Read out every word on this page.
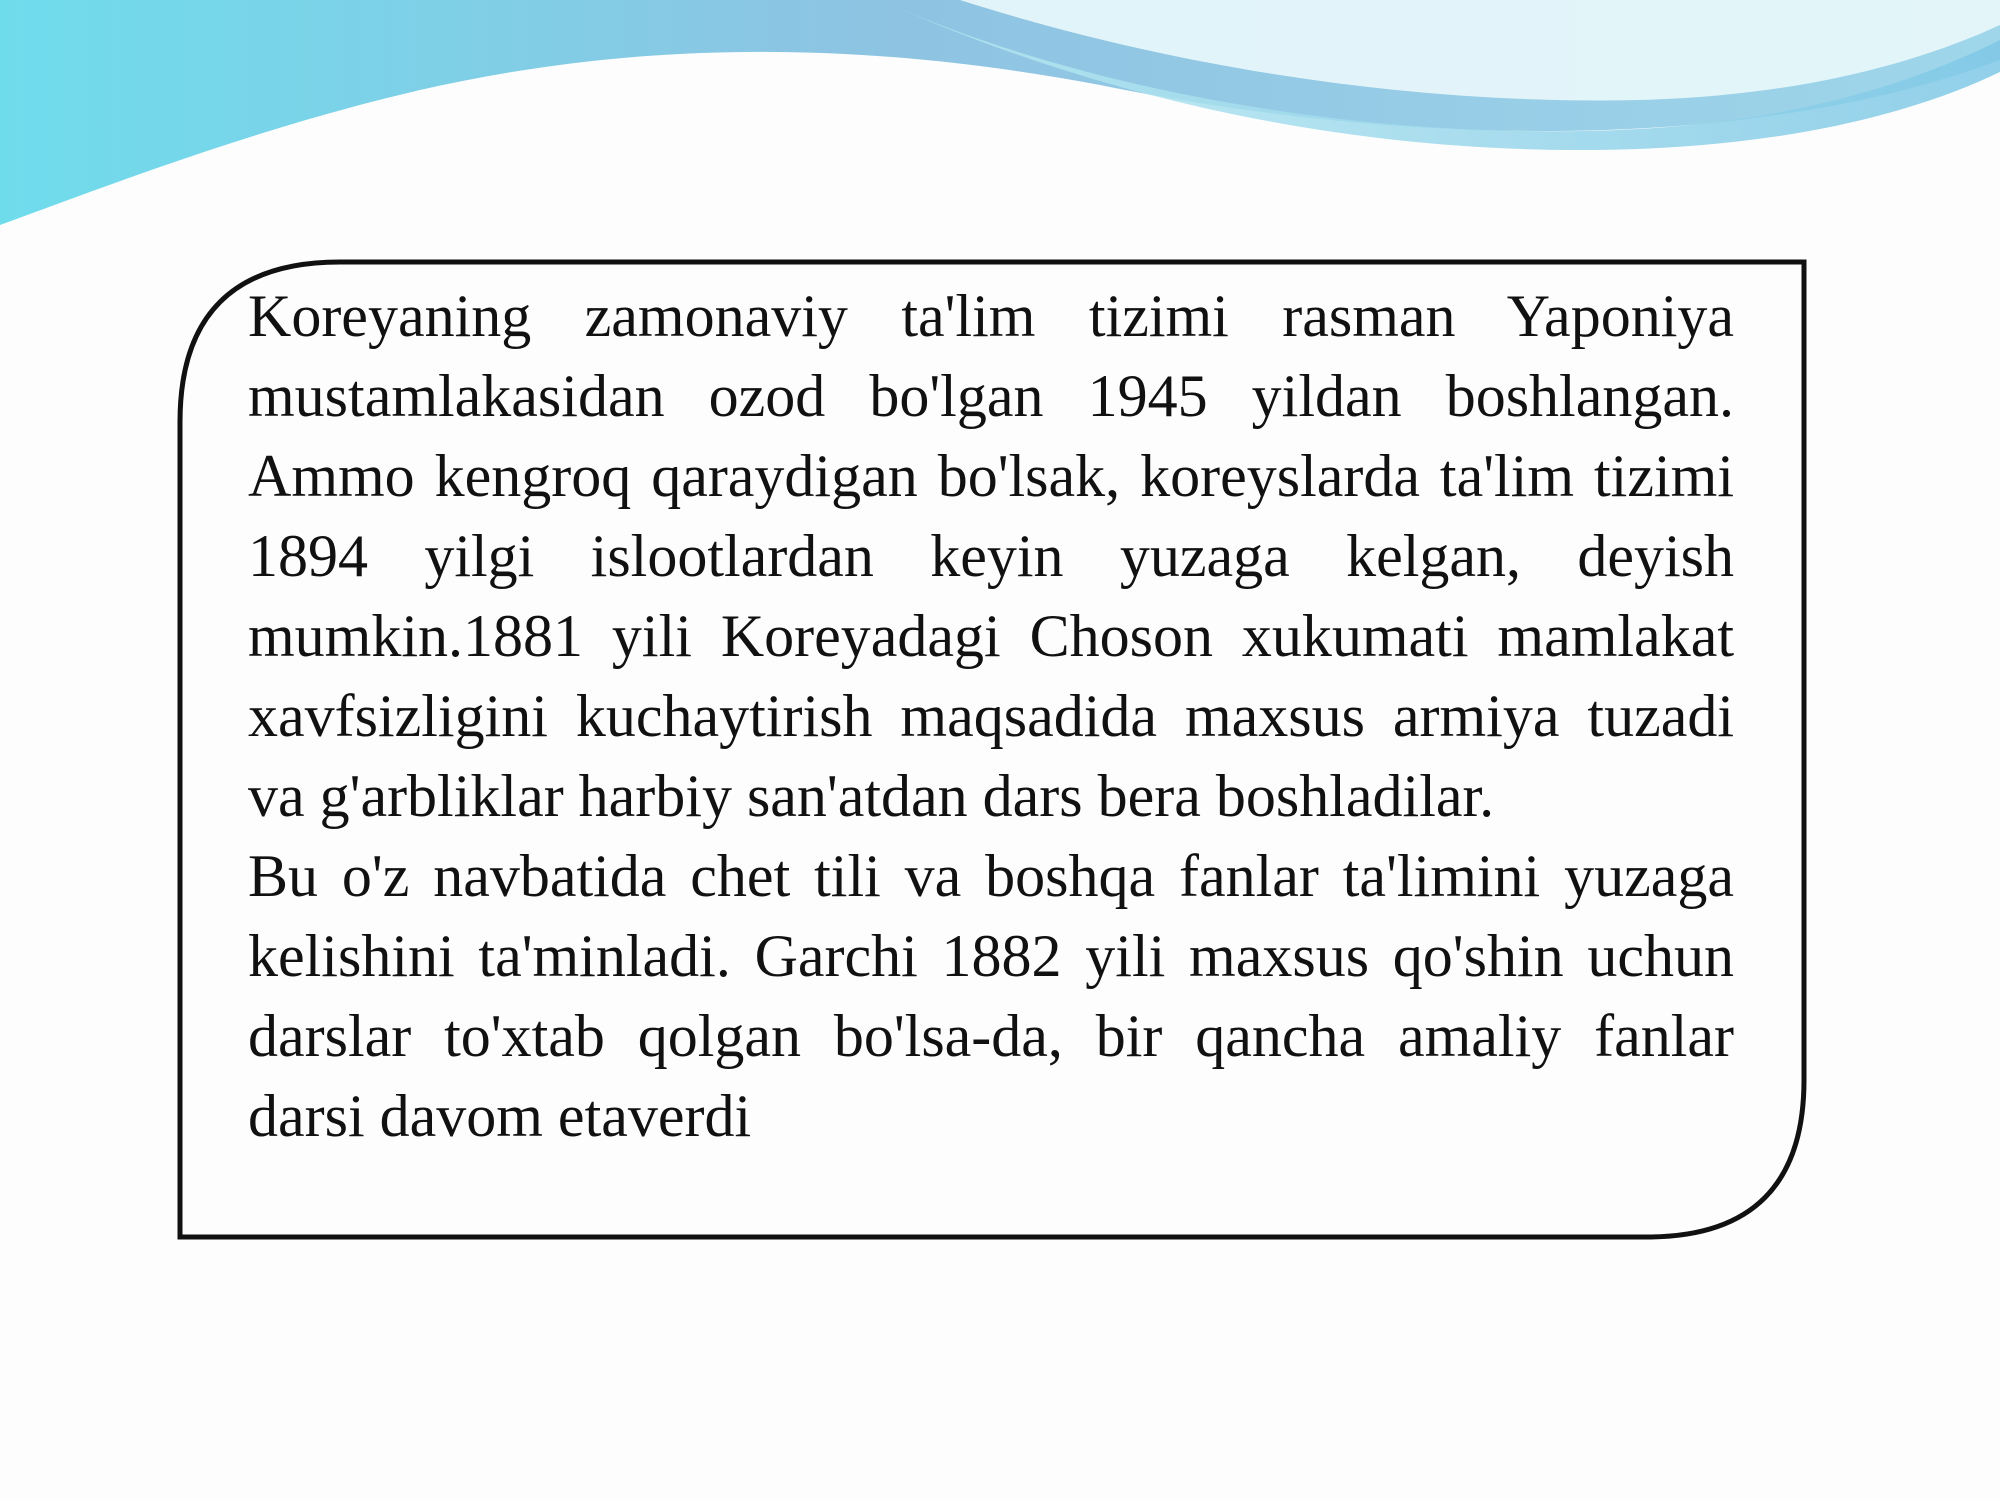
Koreyaning zamonaviy ta'lim tizimi rasman Yaponiya mustamlakasidan ozod bo'lgan 1945 yildan boshlangan. Ammo kengroq qaraydigan bo'lsak, koreyslarda ta'lim tizimi 1894 yilgi islootlardan keyin yuzaga kelgan, deyish mumkin.1881 yili Koreyadagi Choson xukumati mamlakat xavfsizligini kuchaytirish maqsadida maxsus armiya tuzadi va g'arbliklar harbiy san'atdan dars bera boshladilar.

Bu o'z navbatida chet tili va boshqa fanlar ta'limini yuzaga kelishini ta'minladi. Garchi 1882 yili maxsus qo'shin uchun darslar to'xtab qolgan bo'lsa-da, bir qancha amaliy fanlar darsi davom etaverdi
